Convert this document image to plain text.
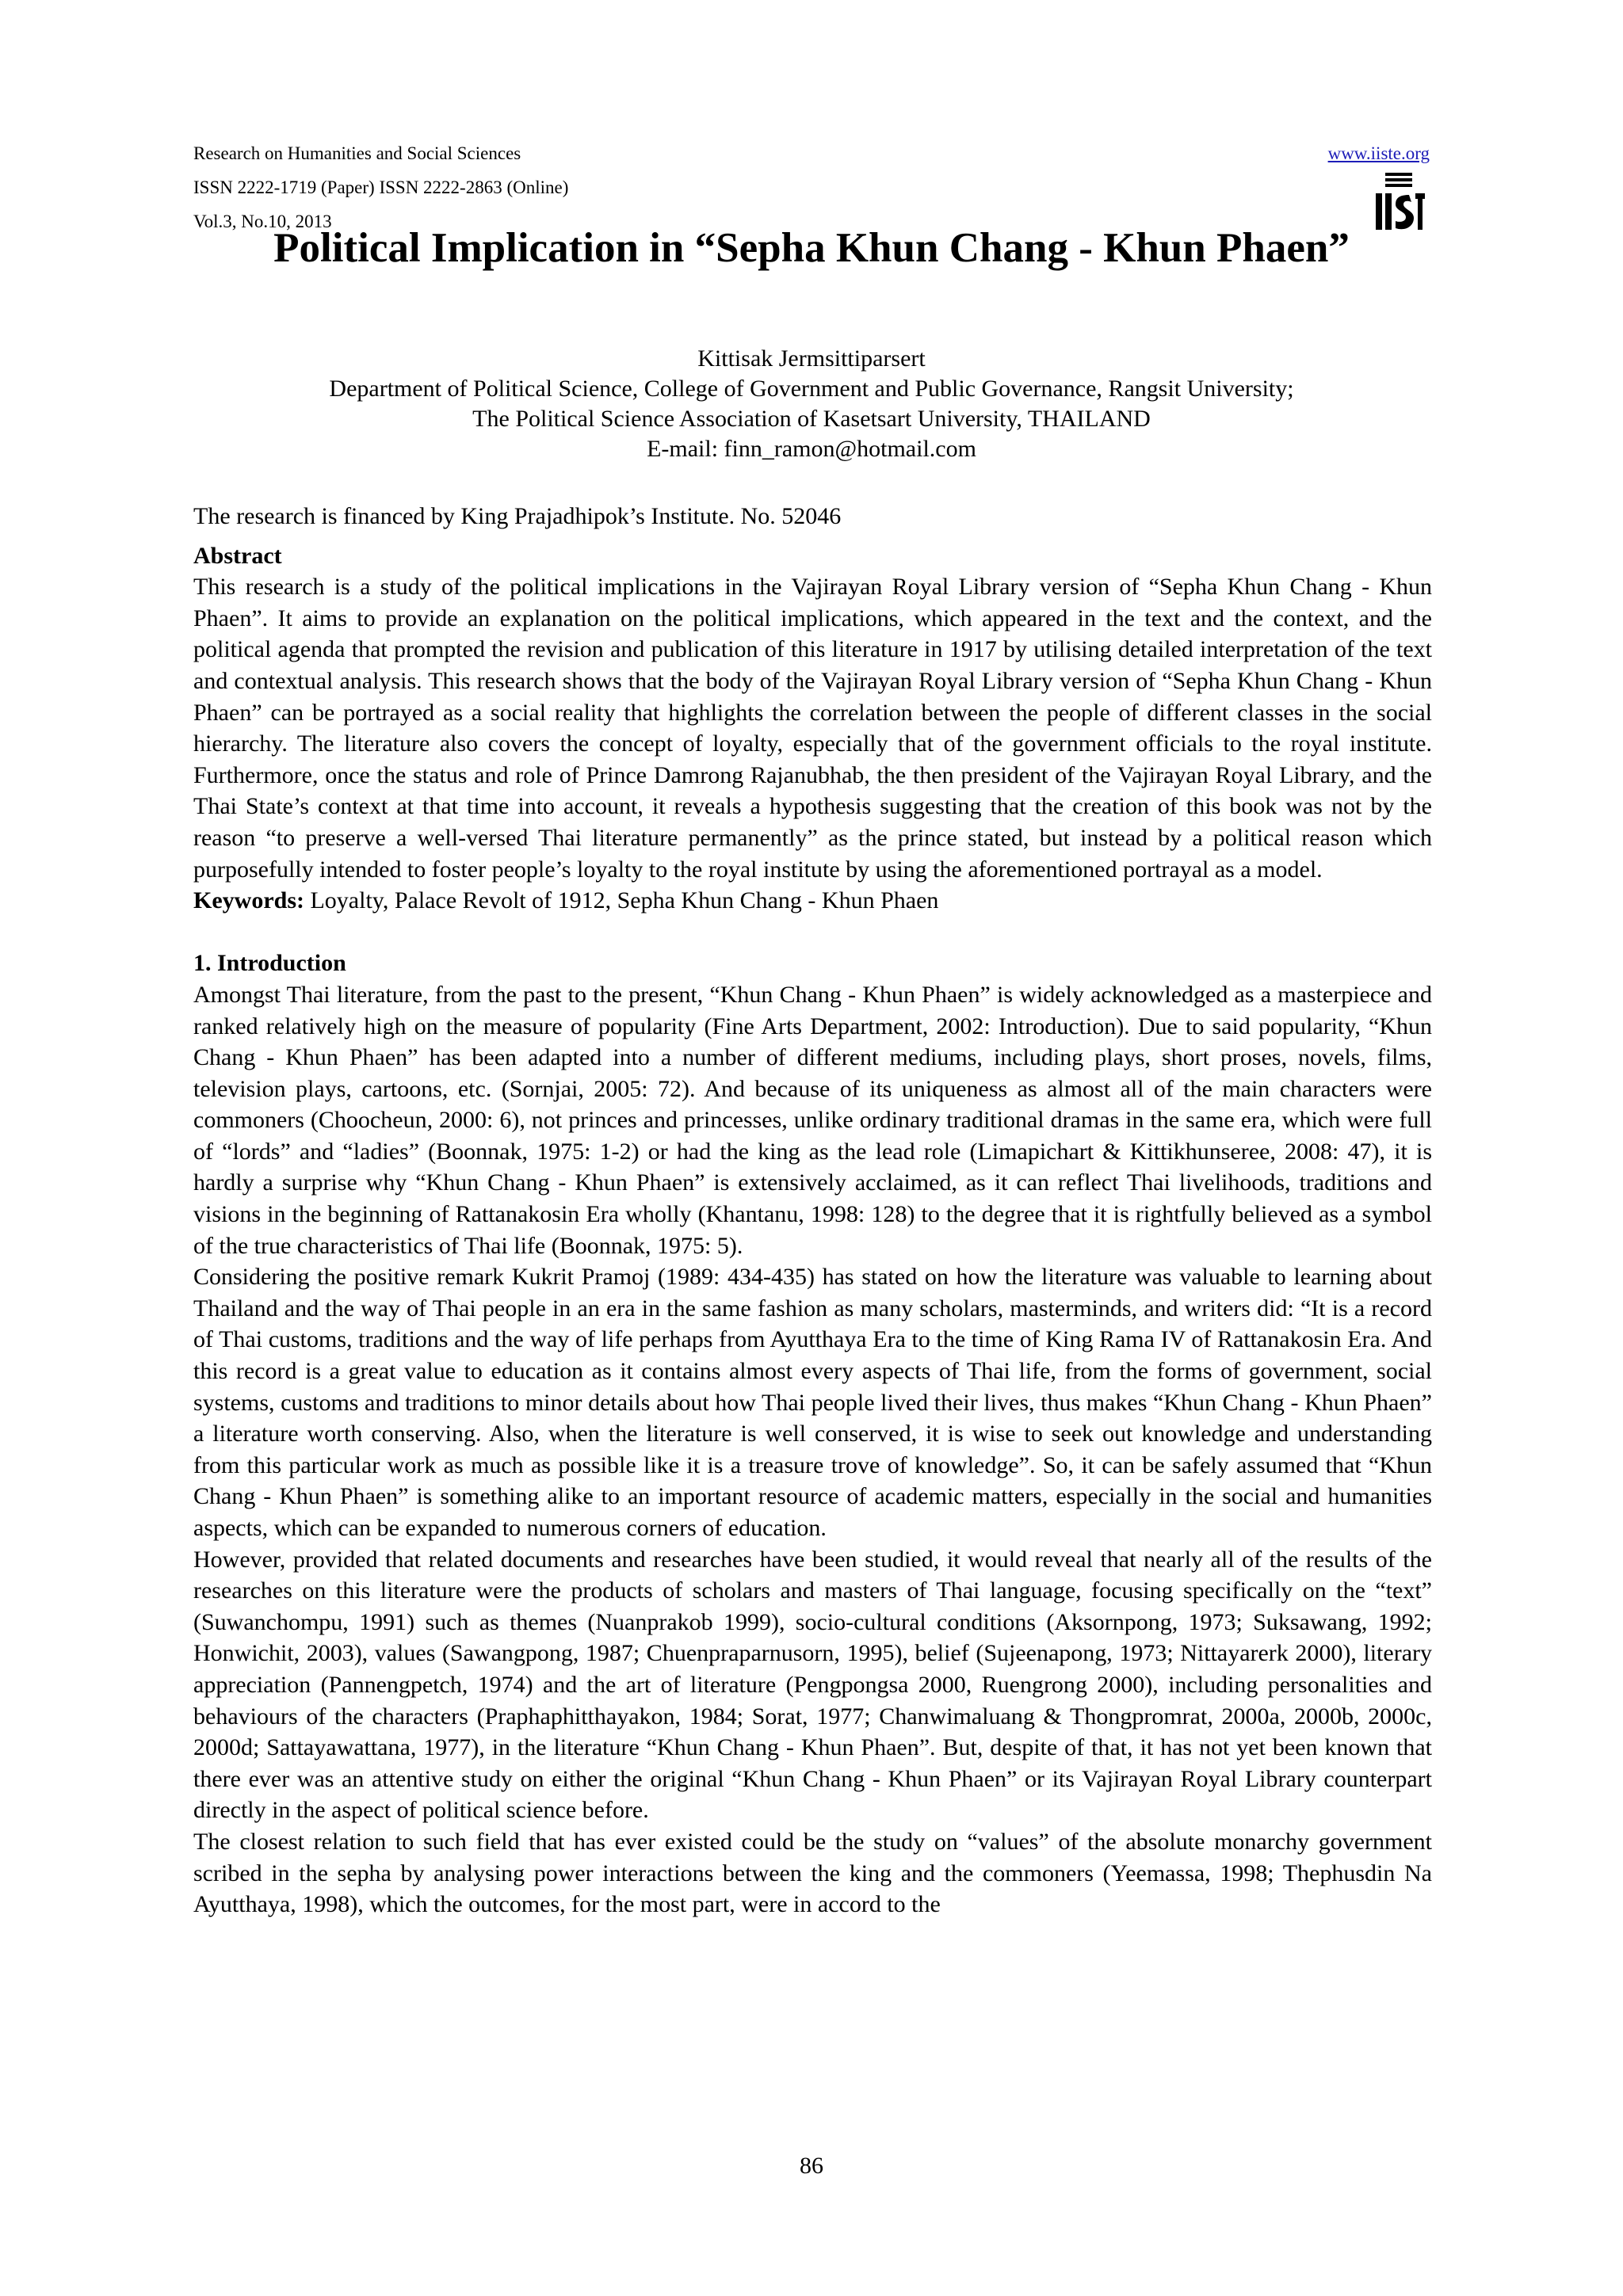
Research on Humanities and Social Sciences
ISSN 2222-1719 (Paper) ISSN 2222-2863 (Online)
Vol.3, No.10, 2013
www.iiste.org
Political Implication in “Sepha Khun Chang - Khun Phaen”
Kittisak Jermsittiparsert
Department of Political Science, College of Government and Public Governance, Rangsit University;
The Political Science Association of Kasetsart University, THAILAND
E-mail: finn_ramon@hotmail.com

The research is financed by King Prajadhipok’s Institute. No. 52046

Abstract

This research is a study of the political implications in the Vajirayan Royal Library version of “Sepha Khun Chang - Khun Phaen”. It aims to provide an explanation on the political implications, which appeared in the text and the context, and the political agenda that prompted the revision and publication of this literature in 1917 by utilising detailed interpretation of the text and contextual analysis. This research shows that the body of the Vajirayan Royal Library version of “Sepha Khun Chang - Khun Phaen” can be portrayed as a social reality that highlights the correlation between the people of different classes in the social hierarchy. The literature also covers the concept of loyalty, especially that of the government officials to the royal institute. Furthermore, once the status and role of Prince Damrong Rajanubhab, the then president of the Vajirayan Royal Library, and the Thai State’s context at that time into account, it reveals a hypothesis suggesting that the creation of this book was not by the reason “to preserve a well-versed Thai literature permanently” as the prince stated, but instead by a political reason which purposefully intended to foster people’s loyalty to the royal institute by using the aforementioned portrayal as a model.

Keywords: Loyalty, Palace Revolt of 1912, Sepha Khun Chang - Khun Phaen

1. Introduction

Amongst Thai literature, from the past to the present, “Khun Chang - Khun Phaen” is widely acknowledged as a masterpiece and ranked relatively high on the measure of popularity (Fine Arts Department, 2002: Introduction). Due to said popularity, “Khun Chang - Khun Phaen” has been adapted into a number of different mediums, including plays, short proses, novels, films, television plays, cartoons, etc. (Sornjai, 2005: 72). And because of its uniqueness as almost all of the main characters were commoners (Choocheun, 2000: 6), not princes and princesses, unlike ordinary traditional dramas in the same era, which were full of “lords” and “ladies” (Boonnak, 1975: 1-2) or had the king as the lead role (Limapichart & Kittikhunseree, 2008: 47), it is hardly a surprise why “Khun Chang - Khun Phaen” is extensively acclaimed, as it can reflect Thai livelihoods, traditions and visions in the beginning of Rattanakosin Era wholly (Khantanu, 1998: 128) to the degree that it is rightfully believed as a symbol of the true characteristics of Thai life (Boonnak, 1975: 5).

Considering the positive remark Kukrit Pramoj (1989: 434-435) has stated on how the literature was valuable to learning about Thailand and the way of Thai people in an era in the same fashion as many scholars, masterminds, and writers did: “It is a record of Thai customs, traditions and the way of life perhaps from Ayutthaya Era to the time of King Rama IV of Rattanakosin Era. And this record is a great value to education as it contains almost every aspects of Thai life, from the forms of government, social systems, customs and traditions to minor details about how Thai people lived their lives, thus makes “Khun Chang - Khun Phaen” a literature worth conserving. Also, when the literature is well conserved, it is wise to seek out knowledge and understanding from this particular work as much as possible like it is a treasure trove of knowledge”. So, it can be safely assumed that “Khun Chang - Khun Phaen” is something alike to an important resource of academic matters, especially in the social and humanities aspects, which can be expanded to numerous corners of education.

However, provided that related documents and researches have been studied, it would reveal that nearly all of the results of the researches on this literature were the products of scholars and masters of Thai language, focusing specifically on the “text” (Suwanchompu, 1991) such as themes (Nuanprakob 1999), socio-cultural conditions (Aksornpong, 1973; Suksawang, 1992; Honwichit, 2003), values (Sawangpong, 1987; Chuenpraparnusorn, 1995), belief (Sujeenapong, 1973; Nittayarerk 2000), literary appreciation (Pannengpetch, 1974) and the art of literature (Pengpongsa 2000, Ruengrong 2000), including personalities and behaviours of the characters (Praphaphitthayakon, 1984; Sorat, 1977; Chanwimaluang & Thongpromrat, 2000a, 2000b, 2000c, 2000d; Sattayawattana, 1977), in the literature “Khun Chang - Khun Phaen”. But, despite of that, it has not yet been known that there ever was an attentive study on either the original “Khun Chang - Khun Phaen” or its Vajirayan Royal Library counterpart directly in the aspect of political science before.

The closest relation to such field that has ever existed could be the study on “values” of the absolute monarchy government scribed in the sepha by analysing power interactions between the king and the commoners (Yeemassa, 1998; Thephusdin Na Ayutthaya, 1998), which the outcomes, for the most part, were in accord to the

86
